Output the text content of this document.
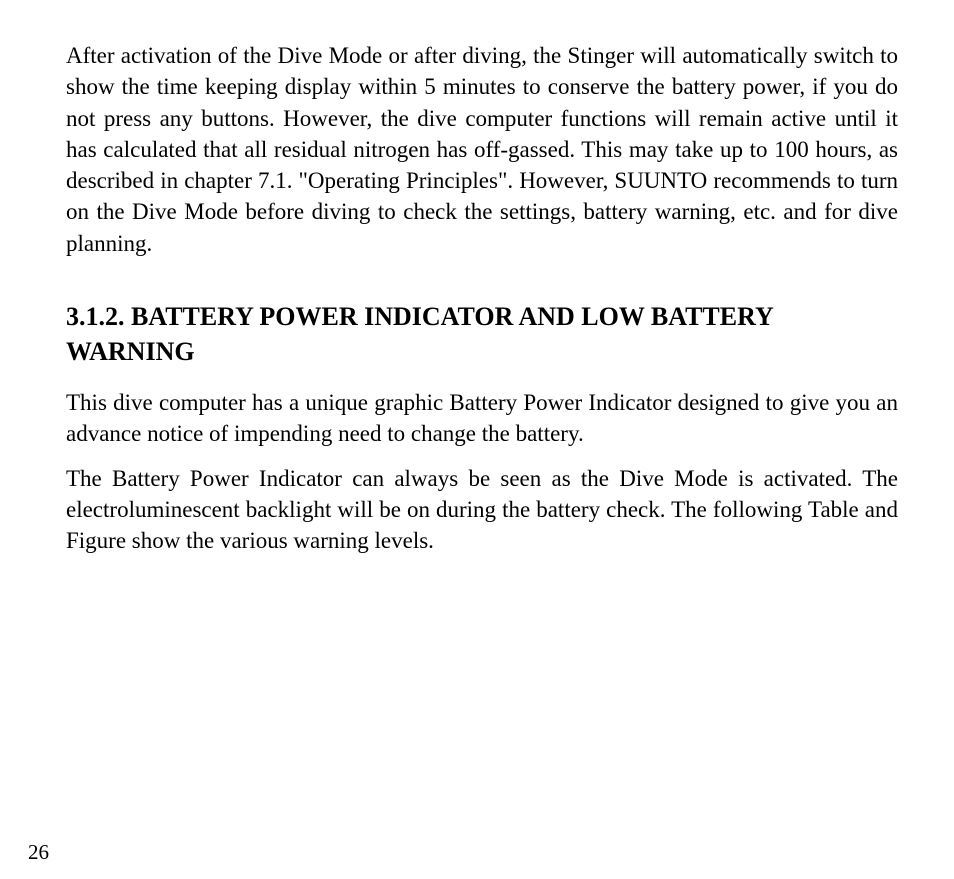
After activation of the Dive Mode or after diving, the Stinger will automatically switch to show the time keeping display within 5 minutes to conserve the battery power, if you do not press any buttons. However, the dive computer functions will remain active until it has calculated that all residual nitrogen has off-gassed. This may take up to 100 hours, as described in chapter 7.1. "Operating Principles". However, SUUNTO recommends to turn on the Dive Mode before diving to check the settings, battery warning, etc. and for dive planning.

3.1.2. BATTERY POWER INDICATOR AND LOW BATTERY WARNING

This dive computer has a unique graphic Battery Power Indicator designed to give you an advance notice of impending need to change the battery.

The Battery Power Indicator can always be seen as the Dive Mode is activated. The electroluminescent backlight will be on during the battery check. The following Table and Figure show the various warning levels.

26
